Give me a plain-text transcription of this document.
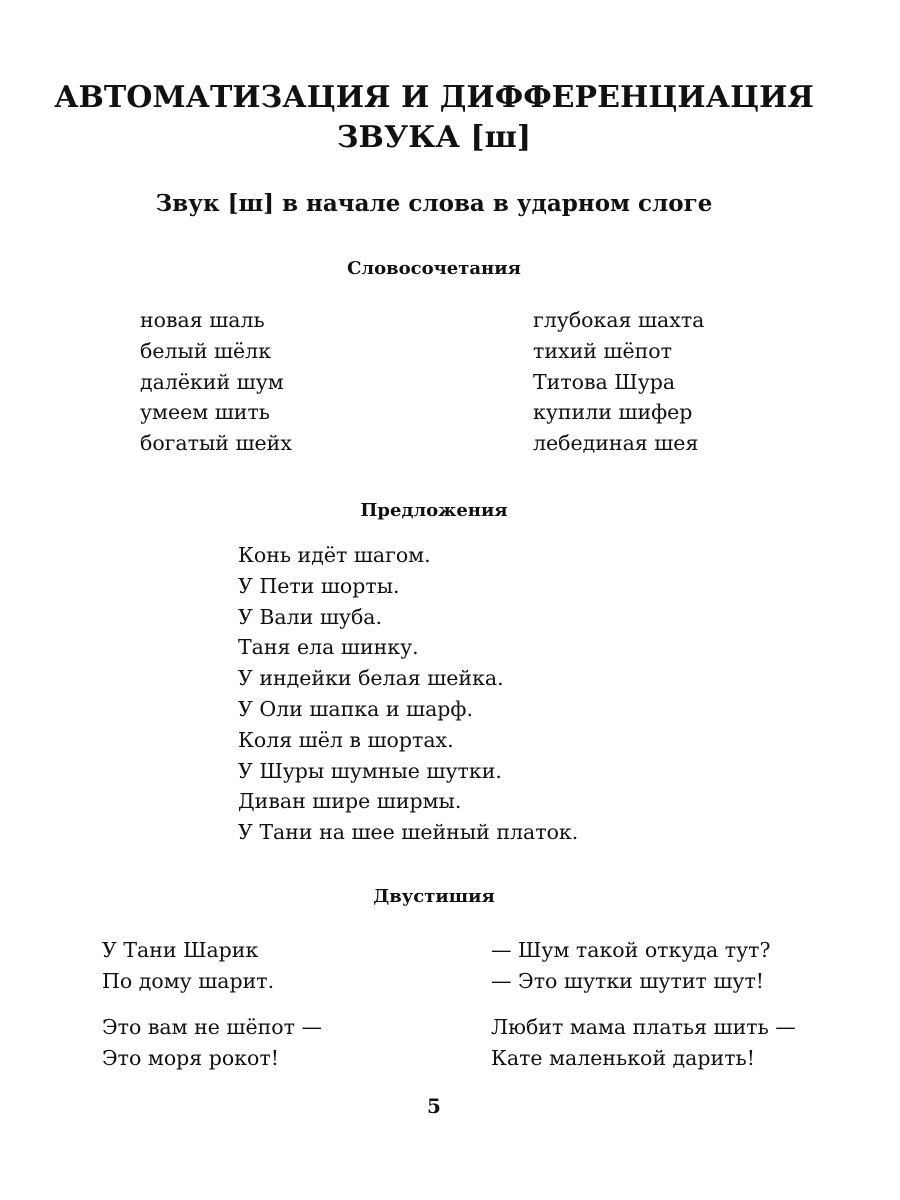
АВТОМАТИЗАЦИЯ И ДИФФЕРЕНЦИАЦИЯ
ЗВУКА [ш]
Звук [ш] в начале слова в ударном слоге
Словосочетания
новая шаль
белый шёлк
далёкий шум
умеем шить
богатый шейх
глубокая шахта
тихий шёпот
Титова Шура
купили шифер
лебединая шея
Предложения
Конь идёт шагом.
У Пети шорты.
У Вали шуба.
Таня ела шинку.
У индейки белая шейка.
У Оли шапка и шарф.
Коля шёл в шортах.
У Шуры шумные шутки.
Диван шире ширмы.
У Тани на шее шейный платок.
Двустишия
У Тани Шарик
По дому шарит.
— Шум такой откуда тут?
— Это шутки шутит шут!
Это вам не шёпот —
Это моря рокот!
Любит мама платья шить —
Кате маленькой дарить!
5
